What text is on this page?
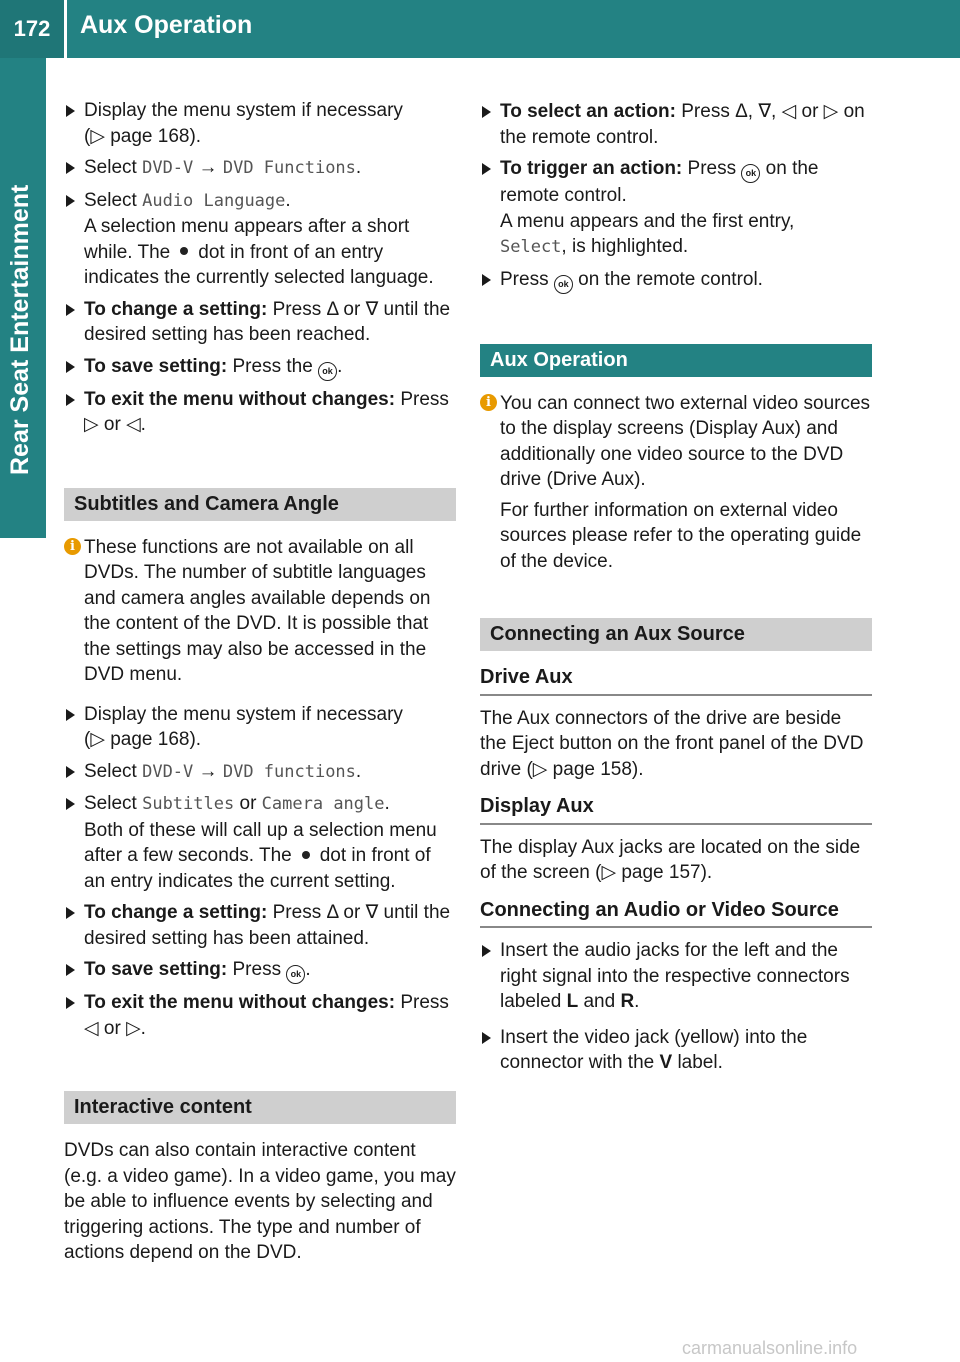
172	Aux Operation
Rear Seat Entertainment
Display the menu system if necessary
(▷ page 168).
Select DVD-V → DVD Functions.
Select Audio Language.
A selection menu appears after a short while. The dot in front of an entry indicates the currently selected language.
To change a setting: Press Δ or ∇ until the desired setting has been reached.
To save setting: Press the ok .
To exit the menu without changes: Press ▷ or ◁.
Subtitles and Camera Angle
i These functions are not available on all DVDs. The number of subtitle languages and camera angles available depends on the content of the DVD. It is possible that the settings may also be accessed in the DVD menu.

Display the menu system if necessary
(▷ page 168).
Select DVD-V → DVD functions.
Select Subtitles or Camera angle.
Both of these will call up a selection menu after a few seconds. The dot in front of an entry indicates the current setting.
To change a setting: Press Δ or ∇ until the desired setting has been attained.
To save setting: Press ok .
To exit the menu without changes: Press ◁ or ▷.
Interactive content
DVDs can also contain interactive content (e.g. a video game). In a video game, you may be able to influence events by selecting and triggering actions. The type and number of actions depend on the DVD.
To select an action: Press Δ, ∇, ◁ or ▷ on the remote control.
To trigger an action: Press ok on the remote control.
A menu appears and the first entry,
Select, is highlighted.
Press ok on the remote control.
Aux Operation
i You can connect two external video sources to the display screens (Display Aux) and additionally one video source to the DVD drive (Drive Aux).

For further information on external video sources please refer to the operating guide of the device.

Connecting an Aux Source
Drive Aux
The Aux connectors of the drive are beside the Eject button on the front panel of the DVD drive (▷ page 158).
Display Aux
The display Aux jacks are located on the side of the screen (▷ page 157).
Connecting an Audio or Video Source
Insert the audio jacks for the left and the right signal into the respective connectors labeled L and R.
Insert the video jack (yellow) into the connector with the V label.
carmanualsonline.info
